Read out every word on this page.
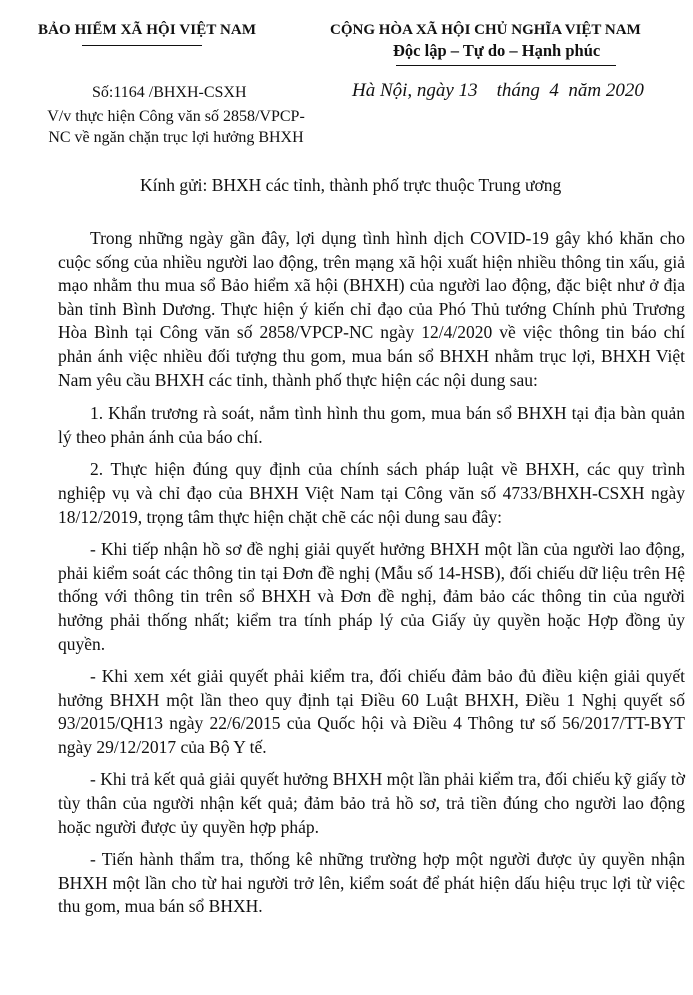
BẢO HIỂM XÃ HỘI VIỆT NAM	CỘNG HÒA XÃ HỘI CHỦ NGHĨA VIỆT NAM
Độc lập – Tự do – Hạnh phúc
Số:1164 /BHXH-CSXH
V/v thực hiện Công văn số 2858/VPCP-
NC về ngăn chặn trục lợi hưởng BHXH
Hà Nội, ngày 13    tháng  4  năm 2020
Kính gửi: BHXH các tỉnh, thành phố trực thuộc Trung ương

Trong những ngày gần đây, lợi dụng tình hình dịch COVID-19 gây khó khăn cho cuộc sống của nhiều người lao động, trên mạng xã hội xuất hiện nhiều thông tin xấu, giả mạo nhằm thu mua sổ Bảo hiểm xã hội (BHXH) của người lao động, đặc biệt như ở địa bàn tỉnh Bình Dương. Thực hiện ý kiến chỉ đạo của Phó Thủ tướng Chính phủ Trương Hòa Bình tại Công văn số 2858/VPCP-NC ngày 12/4/2020 về việc thông tin báo chí phản ánh việc nhiều đối tượng thu gom, mua bán sổ BHXH nhằm trục lợi, BHXH Việt Nam yêu cầu BHXH các tỉnh, thành phố thực hiện các nội dung sau:

1. Khẩn trương rà soát, nắm tình hình thu gom, mua bán sổ BHXH tại địa bàn quản lý theo phản ánh của báo chí.

2. Thực hiện đúng quy định của chính sách pháp luật về BHXH, các quy trình nghiệp vụ và chỉ đạo của BHXH Việt Nam tại Công văn số 4733/BHXH-CSXH ngày 18/12/2019, trọng tâm thực hiện chặt chẽ các nội dung sau đây:

- Khi tiếp nhận hồ sơ đề nghị giải quyết hưởng BHXH một lần của người lao động, phải kiểm soát các thông tin tại Đơn đề nghị (Mẫu số 14-HSB), đối chiếu dữ liệu trên Hệ thống với thông tin trên sổ BHXH và Đơn đề nghị, đảm bảo các thông tin của người hưởng phải thống nhất; kiểm tra tính pháp lý của Giấy ủy quyền hoặc Hợp đồng ủy quyền.

- Khi xem xét giải quyết phải kiểm tra, đối chiếu đảm bảo đủ điều kiện giải quyết hưởng BHXH một lần theo quy định tại Điều 60 Luật BHXH, Điều 1 Nghị quyết số 93/2015/QH13 ngày 22/6/2015 của Quốc hội và Điều 4 Thông tư số 56/2017/TT-BYT ngày 29/12/2017 của Bộ Y tế.

- Khi trả kết quả giải quyết hưởng BHXH một lần phải kiểm tra, đối chiếu kỹ giấy tờ tùy thân của người nhận kết quả; đảm bảo trả hồ sơ, trả tiền đúng cho người lao động hoặc người được ủy quyền hợp pháp.

- Tiến hành thẩm tra, thống kê những trường hợp một người được ủy quyền nhận BHXH một lần cho từ hai người trở lên, kiểm soát để phát hiện dấu hiệu trục lợi từ việc thu gom, mua bán sổ BHXH.
